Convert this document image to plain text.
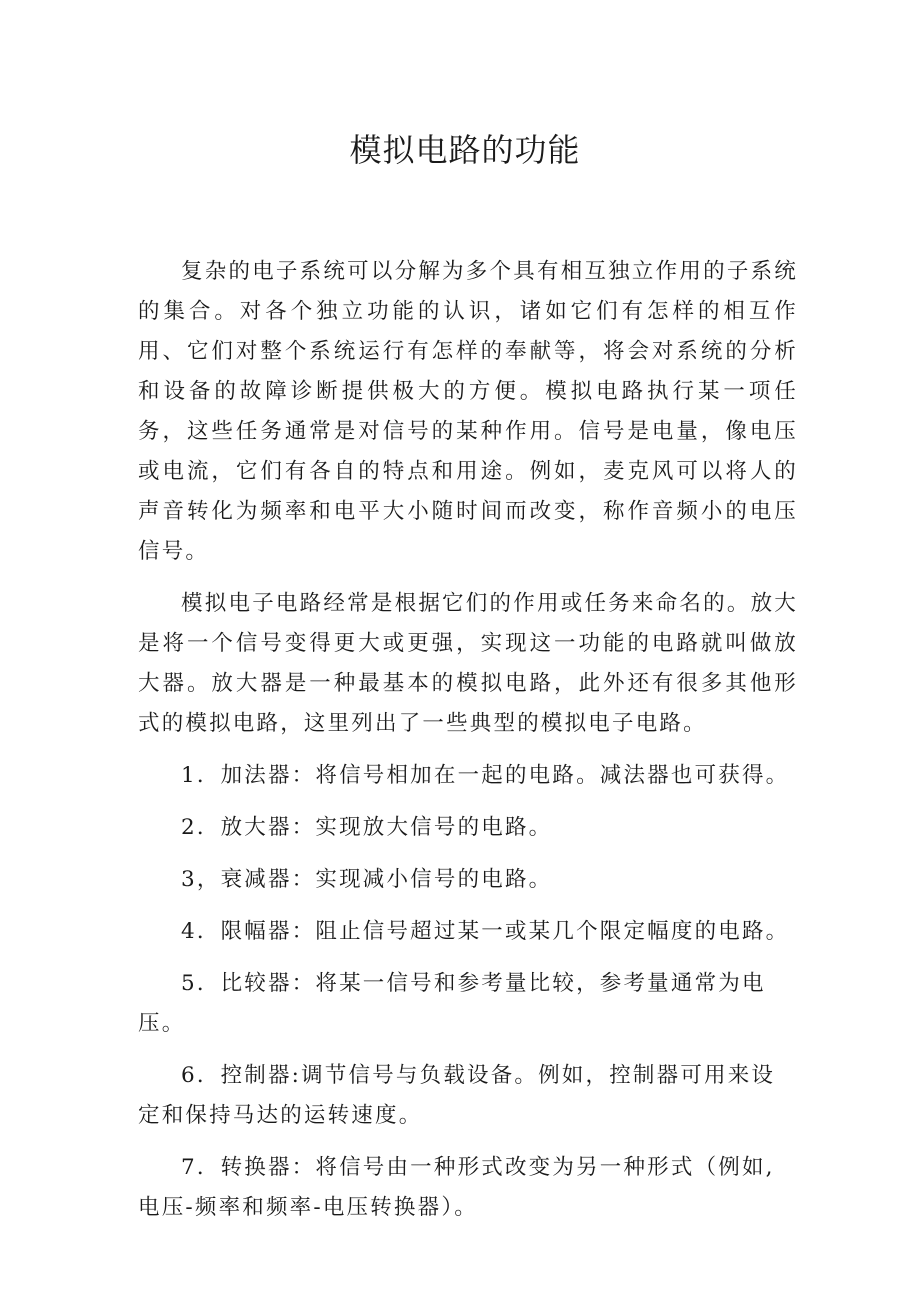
模拟电路的功能

复杂的电子系统可以分解为多个具有相互独立作用的子系统的集合。对各个独立功能的认识，诸如它们有怎样的相互作用、它们对整个系统运行有怎样的奉献等，将会对系统的分析和设备的故障诊断提供极大的方便。模拟电路执行某一项任务，这些任务通常是对信号的某种作用。信号是电量，像电压或电流，它们有各自的特点和用途。例如，麦克风可以将人的声音转化为频率和电平大小随时间而改变，称作音频小的电压信号。

模拟电子电路经常是根据它们的作用或任务来命名的。放大是将一个信号变得更大或更强，实现这一功能的电路就叫做放大器。放大器是一种最基本的模拟电路，此外还有很多其他形式的模拟电路，这里列出了一些典型的模拟电子电路。

1．加法器：将信号相加在一起的电路。减法器也可获得。

2．放大器：实现放大信号的电路。

3，衰减器：实现减小信号的电路。

4．限幅器：阻止信号超过某一或某几个限定幅度的电路。

5．比较器：将某一信号和参考量比较，参考量通常为电压。

6．控制器:调节信号与负载设备。例如，控制器可用来设定和保持马达的运转速度。

7．转换器：将信号由一种形式改变为另一种形式（例如,电压-频率和频率-电压转换器）。
